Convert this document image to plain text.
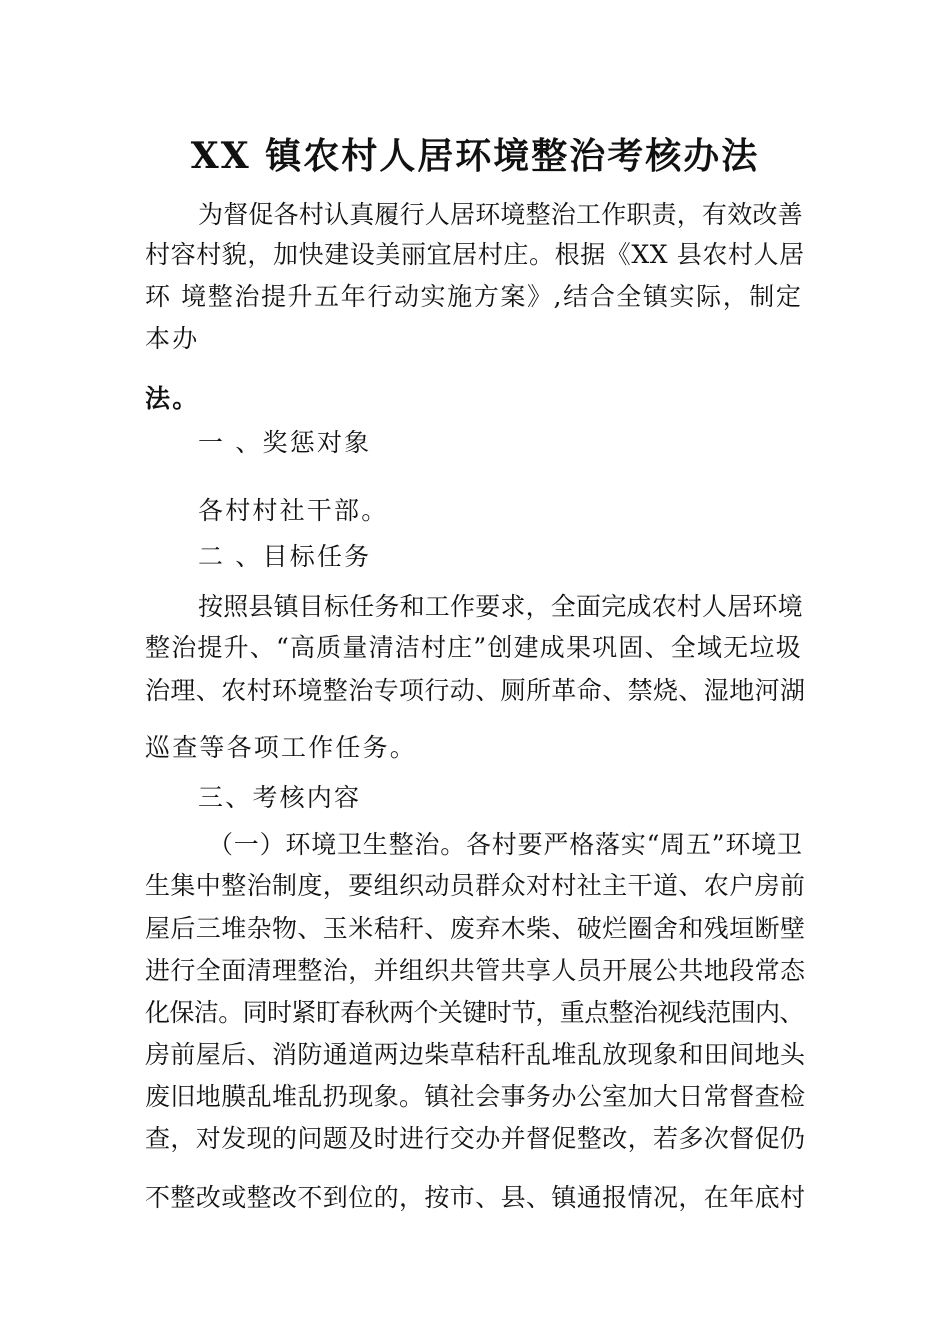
XX 镇农村人居环境整治考核办法
为督促各村认真履行人居环境整治工作职责，有效改善
村容村貌，加快建设美丽宜居村庄。根据《XX 县农村人居
环 境整治提升五年行动实施方案》,结合全镇实际，制定
本办
法。
一 、奖惩对象
各村村社干部。
二 、目标任务
按照县镇目标任务和工作要求，全面完成农村人居环境
整治提升、“高质量清洁村庄”创建成果巩固、全域无垃圾
治理、农村环境整治专项行动、厕所革命、禁烧、湿地河湖
巡查等各项工作任务。
三、考核内容
（一）环境卫生整治。各村要严格落实“周五”环境卫
生集中整治制度，要组织动员群众对村社主干道、农户房前
屋后三堆杂物、玉米秸秆、废弃木柴、破烂圈舍和残垣断壁
进行全面清理整治，并组织共管共享人员开展公共地段常态
化保洁。同时紧盯春秋两个关键时节，重点整治视线范围内、
房前屋后、消防通道两边柴草秸秆乱堆乱放现象和田间地头
废旧地膜乱堆乱扔现象。镇社会事务办公室加大日常督查检
查，对发现的问题及时进行交办并督促整改，若多次督促仍
不整改或整改不到位的，按市、县、镇通报情况，在年底村
